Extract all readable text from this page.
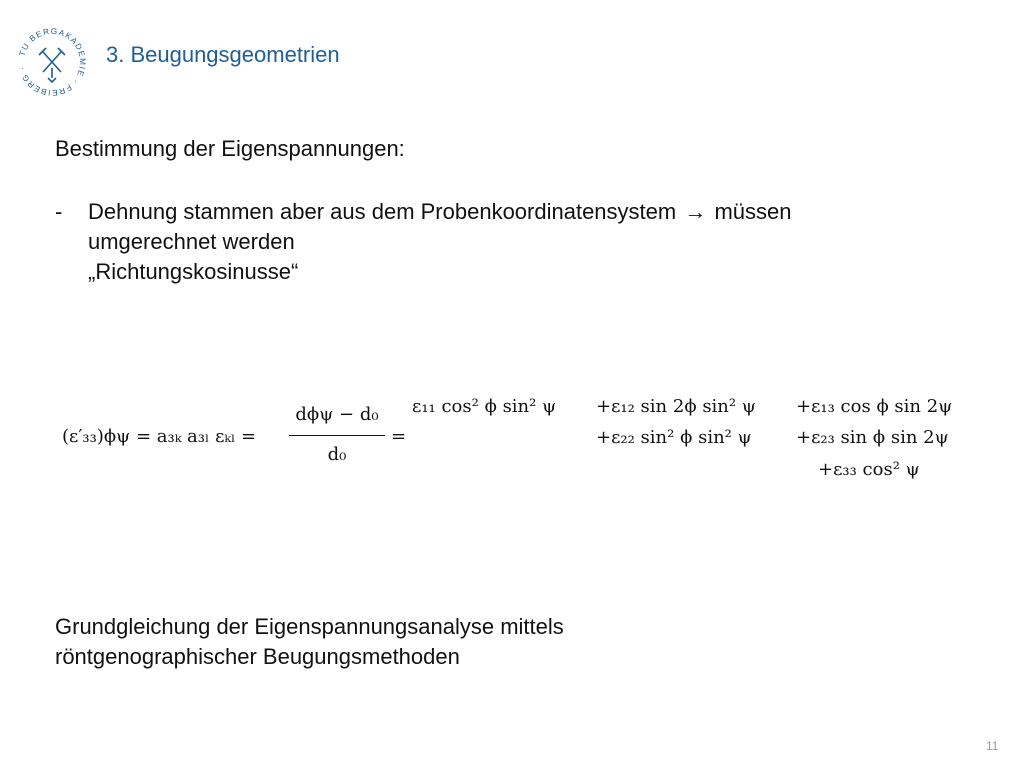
TU BERGAKADEMIE · FREIBERG ·
3. Beugungsgeometrien
Bestimmung der Eigenspannungen:
-	Dehnung stammen aber aus dem Probenkoordinatensystem → müssen
umgerechnet werden
„Richtungskosinusse“
(ε′₃₃)ϕψ = a₃ₖ a₃ₗ εₖₗ =
dϕψ − d₀
d₀
=
ε₁₁ cos² ϕ sin² ψ +ε₁₂ sin 2ϕ sin² ψ +ε₁₃ cos ϕ sin 2ψ
+ε₂₂ sin² ϕ sin² ψ +ε₂₃ sin ϕ sin 2ψ
+ε₃₃ cos² ψ
Grundgleichung der Eigenspannungsanalyse mittels
röntgenographischer Beugungsmethoden
11
